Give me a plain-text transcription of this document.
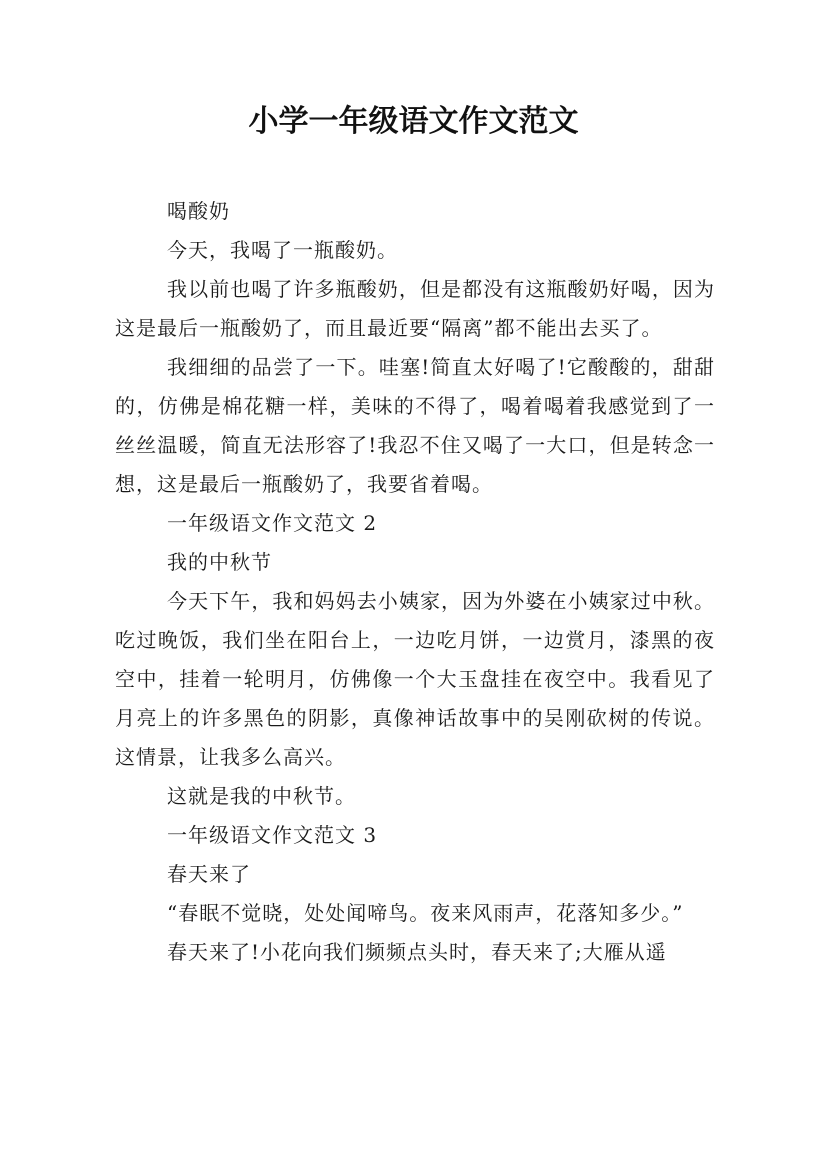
小学一年级语文作文范文

喝酸奶

今天，我喝了一瓶酸奶。

我以前也喝了许多瓶酸奶，但是都没有这瓶酸奶好喝，因为这是最后一瓶酸奶了，而且最近要“隔离”都不能出去买了。

我细细的品尝了一下。哇塞!简直太好喝了!它酸酸的，甜甜的，仿佛是棉花糖一样，美味的不得了，喝着喝着我感觉到了一丝丝温暖，简直无法形容了!我忍不住又喝了一大口，但是转念一想，这是最后一瓶酸奶了，我要省着喝。

一年级语文作文范文 2

我的中秋节

今天下午，我和妈妈去小姨家，因为外婆在小姨家过中秋。吃过晚饭，我们坐在阳台上，一边吃月饼，一边赏月，漆黑的夜空中，挂着一轮明月，仿佛像一个大玉盘挂在夜空中。我看见了月亮上的许多黑色的阴影，真像神话故事中的吴刚砍树的传说。这情景，让我多么高兴。

这就是我的中秋节。

一年级语文作文范文 3

春天来了

“春眠不觉晓，处处闻啼鸟。夜来风雨声，花落知多少。”

春天来了!小花向我们频频点头时，春天来了;大雁从遥
